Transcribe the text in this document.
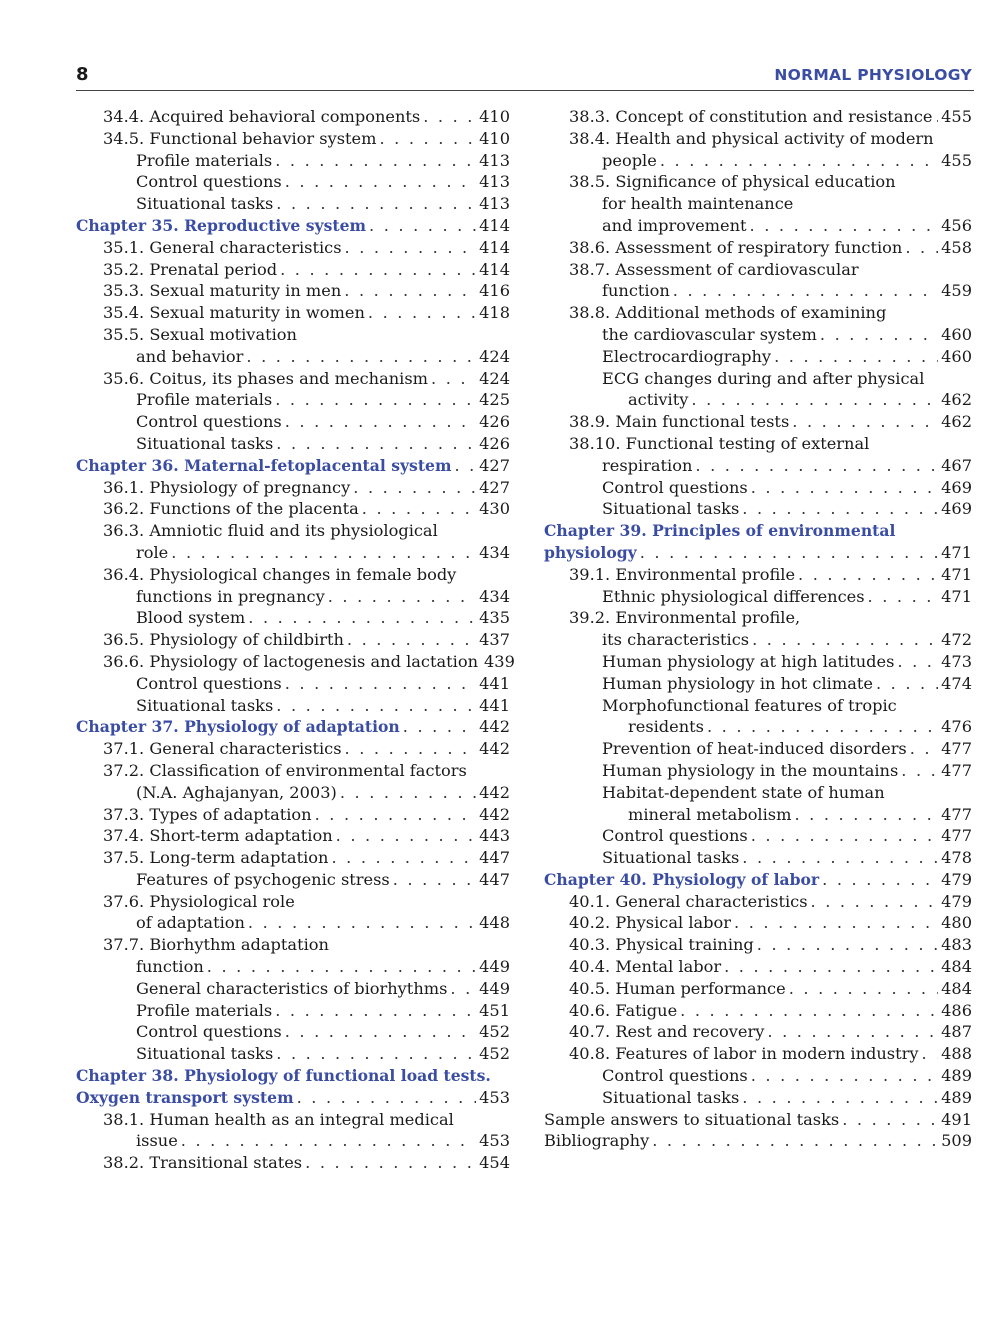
8	NORMAL PHYSIOLOGY
34.4. Acquired behavioral components . . .	410
34.5. Functional behavior system . . .	410
Profile materials . . .	413
Control questions . . .	413
Situational tasks . . .	413
Chapter 35. Reproductive system . . .	414
35.1. General characteristics . . .	414
35.2. Prenatal period . . .	414
35.3. Sexual maturity in men . . .	416
35.4. Sexual maturity in women . . .	418
35.5. Sexual motivation
and behavior . . .	424
35.6. Coitus, its phases and mechanism . . .	424
Profile materials . . .	425
Control questions . . .	426
Situational tasks . . .	426
Chapter 36. Maternal-fetoplacental system . . . 427
36.1. Physiology of pregnancy . . .	427
36.2. Functions of the placenta . . .	430
36.3. Amniotic fluid and its physiological
role . . .	434
36.4. Physiological changes in female body
functions in pregnancy . . .	434
Blood system . . .	435
36.5. Physiology of childbirth . . .	437
36.6. Physiology of lactogenesis and lactation 439
Control questions . . .	441
Situational tasks . . .	441
Chapter 37. Physiology of adaptation . . .	442
37.1. General characteristics . . .	442
37.2. Classification of environmental factors
(N.A. Aghajanyan, 2003) . . .	442
37.3. Types of adaptation . . .	442
37.4. Short-term adaptation . . .	443
37.5. Long-term adaptation . . .	447
Features of psychogenic stress . . .	447
37.6. Physiological role
of adaptation . . .	448
37.7. Biorhythm adaptation
function . . .	449
General characteristics of biorhythms . . . 449
Profile materials . . .	451
Control questions . . .	452
Situational tasks . . .	452
Chapter 38. Physiology of functional load tests.
Oxygen transport system . . .	453
38.1. Human health as an integral medical
issue . . .	453
38.2. Transitional states . . .	454
38.3. Concept of constitution and resistance . . . 455
38.4. Health and physical activity of modern
people . . .	455
38.5. Significance of physical education
for health maintenance
and improvement . . .	456
38.6. Assessment of respiratory function . . . 458
38.7. Assessment of cardiovascular
function . . .	459
38.8. Additional methods of examining
the cardiovascular system . . .	460
Electrocardiography . . .	460
ECG changes during and after physical
activity . . .	462
38.9. Main functional tests . . .	462
38.10. Functional testing of external
respiration . . .	467
Control questions . . .	469
Situational tasks . . .	469
Chapter 39. Principles of environmental
physiology . . .	471
39.1. Environmental profile . . .	471
Ethnic physiological differences . . .	471
39.2. Environmental profile,
its characteristics . . .	472
Human physiology at high latitudes . . .	473
Human physiology in hot climate . . .	474
Morphofunctional features of tropic
residents . . .	476
Prevention of heat-induced disorders . . . 477
Human physiology in the mountains . . .	477
Habitat-dependent state of human
mineral metabolism . . .	477
Control questions . . .	477
Situational tasks . . .	478
Chapter 40. Physiology of labor . . .	479
40.1. General characteristics . . .	479
40.2. Physical labor . . .	480
40.3. Physical training . . .	483
40.4. Mental labor . . .	484
40.5. Human performance . . .	484
40.6. Fatigue . . .	486
40.7. Rest and recovery . . .	487
40.8. Features of labor in modern industry . . . 488
Control questions . . .	489
Situational tasks . . .	489
Sample answers to situational tasks . . .	491
Bibliography . . .	509
